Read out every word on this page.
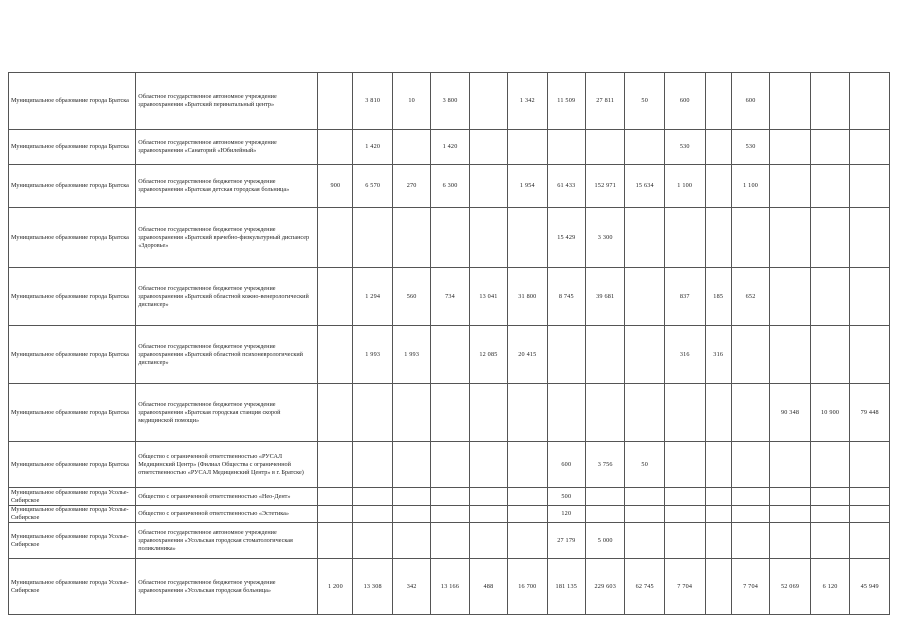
Муниципальное образование города Братска	Областное государственное автономное учреждение здравоохранения «Братский перинатальный центр»		3 810	10	3 800		1 342	11 509	27 811	50	600		600			
Муниципальное образование города Братска	Областное государственное автономное учреждение здравоохранения «Санаторий «Юбилейный»		1 420		1 420						530		530			
Муниципальное образование города Братска	Областное государственное бюджетное учреждение здравоохранения «Братская детская городская больница»	900	6 570	270	6 300		1 954	61 433	152 971	15 634	1 100		1 100			
Муниципальное образование города Братска	Областное государственное бюджетное учреждение здравоохранения «Братский врачебно-физкультурный диспансер «Здоровье»							15 429	3 300							
Муниципальное образование города Братска	Областное государственное бюджетное учреждение здравоохранения «Братский областной кожно-венерологический диспансер»		1 294	560	734	13 041	31 800	8 745	39 681		837	185	652			
Муниципальное образование города Братска	Областное государственное бюджетное учреждение здравоохранения «Братский областной психоневрологический диспансер»		1 993	1 993		12 085	20 415				316	316				
Муниципальное образование города Братска	Областное государственное бюджетное учреждение здравоохранения «Братская городская станция скорой медицинской помощи»													90 348	10 900	79 448
Муниципальное образование города Братска	Общество с ограниченной ответственностью «РУСАЛ Медицинский Центр» (Филиал Общества с ограниченной ответственностью «РУСАЛ Медицинский Центр» в г. Братске)							600	3 756	50						
Муниципальное образование города Усолье-Сибирское	Общество с ограниченной ответственностью «Нео-Дент»							500								
Муниципальное образование города Усолье-Сибирское	Общество с ограниченной ответственностью «Эстетика»							120								
Муниципальное образование города Усолье-Сибирское	Областное государственное автономное учреждение здравоохранения «Усольская городская стоматологическая поликлиника»							27 179	5 000							
Муниципальное образование города Усолье-Сибирское	Областное государственное бюджетное учреждение здравоохранения «Усольская городская больница»	1 200	13 308	342	13 166	488	16 700	181 135	229 603	62 745	7 704		7 704	52 069	6 120	45 949
